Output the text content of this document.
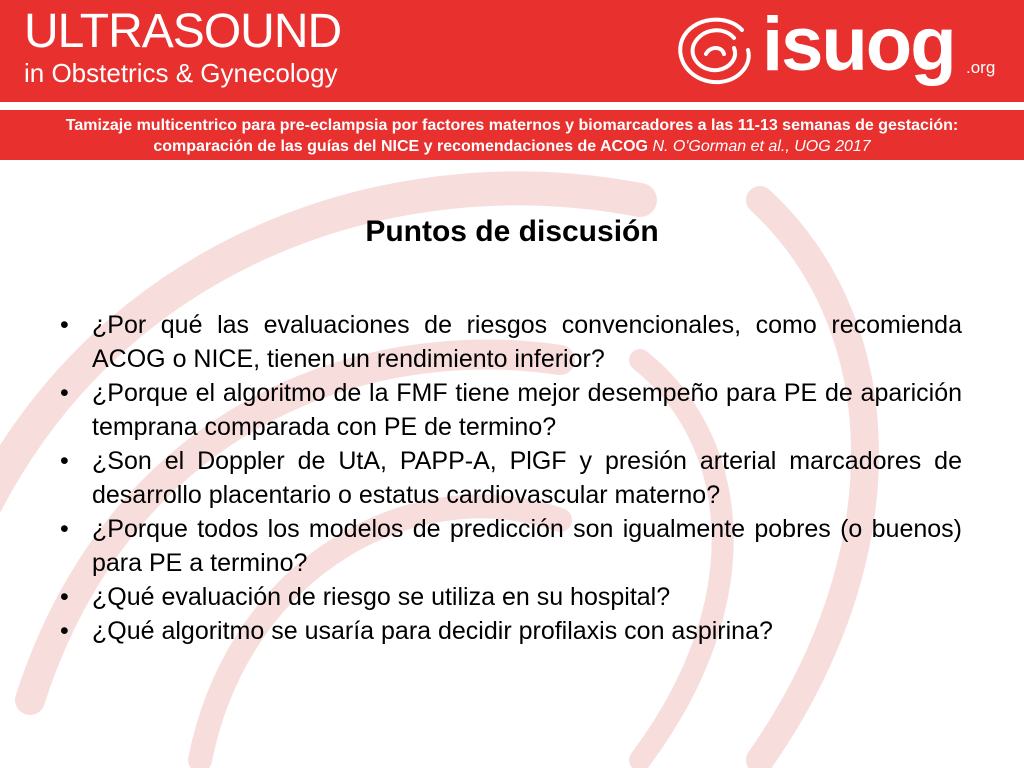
ULTRASOUND
in Obstetrics & Gynecology	isuog .org
Tamizaje multicentrico para pre-eclampsia por factores maternos y biomarcadores a las 11-13 semanas de gestación:
comparación de las guías del NICE y recomendaciones de ACOG N. O'Gorman et al., UOG 2017
Puntos de discusión
• ¿Por qué las evaluaciones de riesgos convencionales, como recomienda ACOG o NICE, tienen un rendimiento inferior?
• ¿Porque el algoritmo de la FMF tiene mejor desempeño para PE de aparición temprana comparada con PE de termino?
• ¿Son el Doppler de UtA, PAPP-A, PlGF y presión arterial marcadores de desarrollo placentario o estatus cardiovascular materno?
• ¿Porque todos los modelos de predicción son igualmente pobres (o buenos) para PE a termino?
• ¿Qué evaluación de riesgo se utiliza en su hospital?
• ¿Qué algoritmo se usaría para decidir profilaxis con aspirina?
